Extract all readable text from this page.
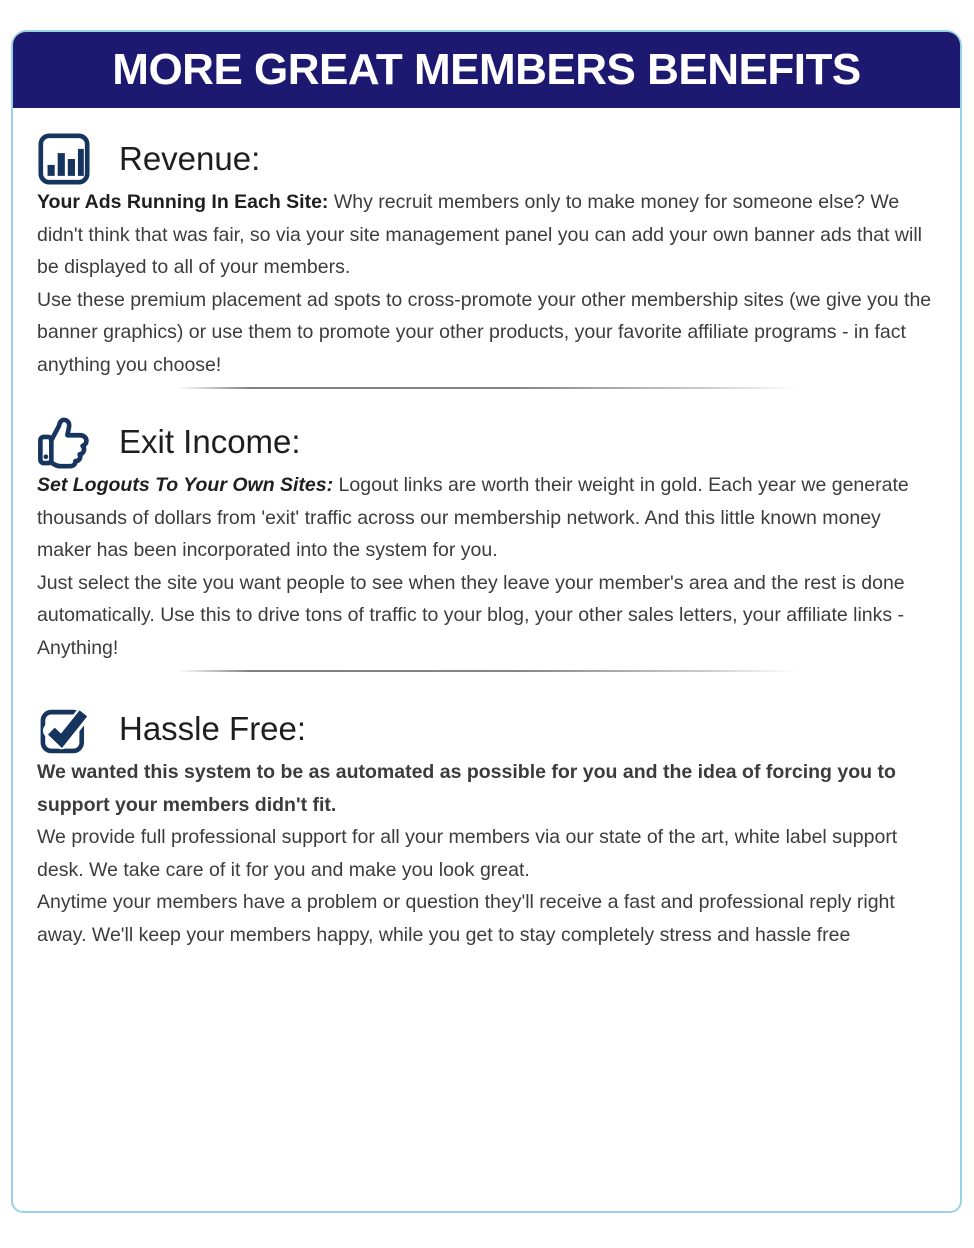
MORE GREAT MEMBERS BENEFITS
Revenue:

Your Ads Running In Each Site: Why recruit members only to make money for someone else? We didn't think that was fair, so via your site management panel you can add your own banner ads that will be displayed to all of your members.

Use these premium placement ad spots to cross-promote your other membership sites (we give you the banner graphics) or use them to promote your other products, your favorite affiliate programs - in fact anything you choose!

Exit Income:

Set Logouts To Your Own Sites: Logout links are worth their weight in gold. Each year we generate thousands of dollars from 'exit' traffic across our membership network. And this little known money maker has been incorporated into the system for you.

Just select the site you want people to see when they leave your member's area and the rest is done automatically. Use this to drive tons of traffic to your blog, your other sales letters, your affiliate links - Anything!

Hassle Free:

We wanted this system to be as automated as possible for you and the idea of forcing you to support your members didn't fit.

We provide full professional support for all your members via our state of the art, white label support desk. We take care of it for you and make you look great.

Anytime your members have a problem or question they'll receive a fast and professional reply right away. We'll keep your members happy, while you get to stay completely stress and hassle free
